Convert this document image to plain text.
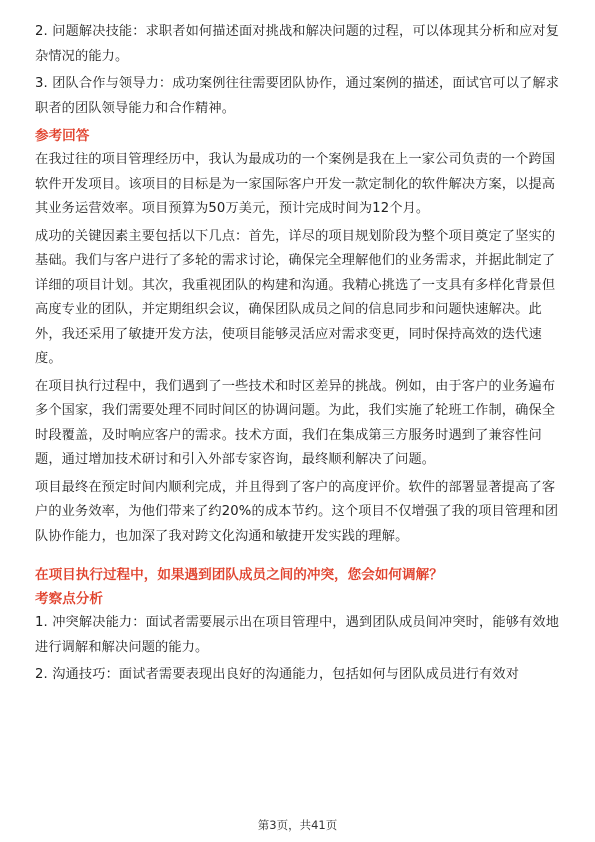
2. 问题解决技能：求职者如何描述面对挑战和解决问题的过程，可以体现其分析和应对复杂情况的能力。

3. 团队合作与领导力：成功案例往往需要团队协作，通过案例的描述，面试官可以了解求职者的团队领导能力和合作精神。

参考回答

在我过往的项目管理经历中，我认为最成功的一个案例是我在上一家公司负责的一个跨国软件开发项目。该项目的目标是为一家国际客户开发一款定制化的软件解决方案，以提高其业务运营效率。项目预算为50万美元，预计完成时间为12个月。

成功的关键因素主要包括以下几点：首先，详尽的项目规划阶段为整个项目奠定了坚实的基础。我们与客户进行了多轮的需求讨论，确保完全理解他们的业务需求，并据此制定了详细的项目计划。其次，我重视团队的构建和沟通。我精心挑选了一支具有多样化背景但高度专业的团队，并定期组织会议，确保团队成员之间的信息同步和问题快速解决。此外，我还采用了敏捷开发方法，使项目能够灵活应对需求变更，同时保持高效的迭代速度。

在项目执行过程中，我们遇到了一些技术和时区差异的挑战。例如，由于客户的业务遍布多个国家，我们需要处理不同时间区的协调问题。为此，我们实施了轮班工作制，确保全时段覆盖，及时响应客户的需求。技术方面，我们在集成第三方服务时遇到了兼容性问题，通过增加技术研讨和引入外部专家咨询，最终顺利解决了问题。

项目最终在预定时间内顺利完成，并且得到了客户的高度评价。软件的部署显著提高了客户的业务效率，为他们带来了约20%的成本节约。这个项目不仅增强了我的项目管理和团队协作能力，也加深了我对跨文化沟通和敏捷开发实践的理解。

在项目执行过程中，如果遇到团队成员之间的冲突，您会如何调解？
考察点分析

1. 冲突解决能力：面试者需要展示出在项目管理中，遇到团队成员间冲突时，能够有效地进行调解和解决问题的能力。

2. 沟通技巧：面试者需要表现出良好的沟通能力，包括如何与团队成员进行有效对

第3页，共41页
